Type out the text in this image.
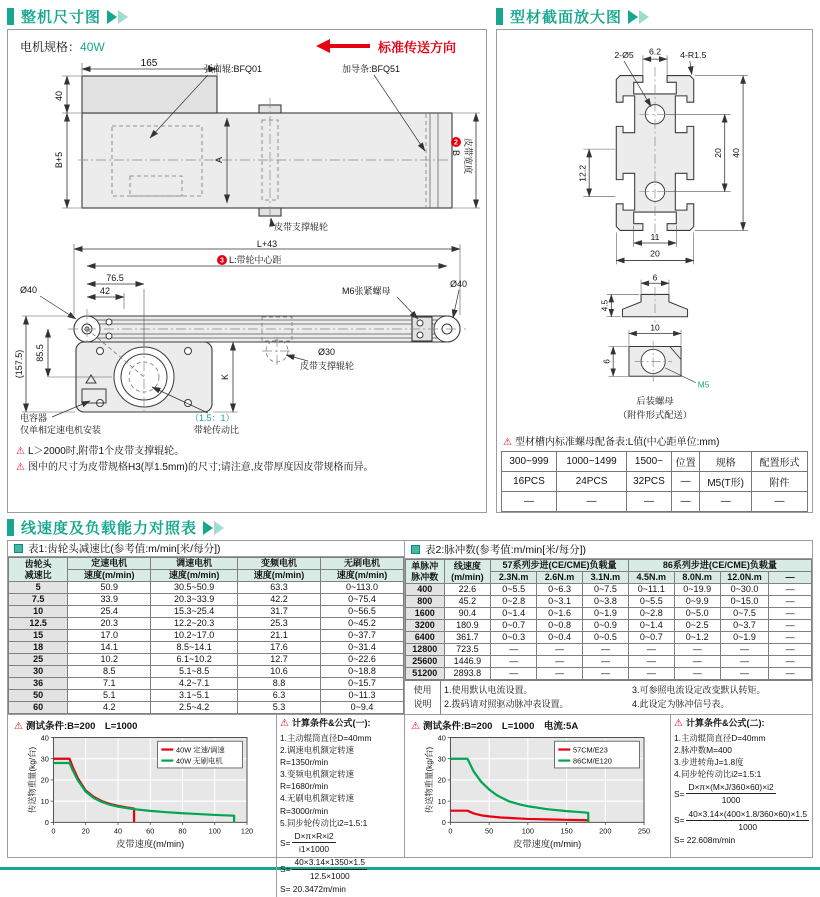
整机尺寸图
电机规格：40W	标准传送方向
165
40
B+5	A
弧面辊:BFQ01	加导条:BFQ51
皮带支撑辊轮
2
B 皮带宽度

L+43
3 L:带轮中心距
76.5
42
Ø40
Ø40
M6张紧螺母
Ø30
皮带支撑辊轮
(157.5) 85.5
K
电容器
仅单相定速电机安装
（1.5：1）
带轮传动比
⚠ L＞2000时,附带1个皮带支撑辊轮。
⚠ 图中的尺寸为皮带规格H3(厚1.5mm)的尺寸;请注意,皮带厚度因皮带规格而异。
型材截面放大图
2-Ø5 6.2 4-R1.5
40
20
12.2
11
20
6
4.5
10
6
M5
后装螺母
（附件形式配送）
⚠ 型材槽内标准螺母配备表:L值(中心距单位:mm)
300~999	1000~1499	1500~	位置	规格	配置形式
16PCS	24PCS	32PCS	—	M5(T形)	附件
—	—	—	—	—	—
线速度及负载能力对照表
表1:齿轮头减速比(参考值:m/min[米/每分])
齿轮头
减速比	定速电机	调速电机	变频电机	无刷电机
	速度(m/min)	速度(m/min)	速度(m/min)	速度(m/min)
5	50.9	30.5~50.9	63.3	0~113.0
7.5	33.9	20.3~33.9	42.2	0~75.4
10	25.4	15.3~25.4	31.7	0~56.5
12.5	20.3	12.2~20.3	25.3	0~45.2
15	17.0	10.2~17.0	21.1	0~37.7
18	14.1	8.5~14.1	17.6	0~31.4
25	10.2	6.1~10.2	12.7	0~22.6
30	8.5	5.1~8.5	10.6	0~18.8
36	7.1	4.2~7.1	8.8	0~15.7
50	5.1	3.1~5.1	6.3	0~11.3
60	4.2	2.5~4.2	5.3	0~9.4
⚠ 测试条件:B=200　L=1000
0	20	40	60	80	100 120
0
10
20
30
40
皮带速度(m/min)
传送物重量(kg/台)	40W 定速/调速
40W 无刷电机
⚠ 计算条件&公式(一):
1.主动辊筒直径D=40mm
2.调速电机额定转速R=1350r/min
3.变频电机额定转速R=1680r/min
4.无刷电机额定转速R=3000r/min
5.同步轮传动比i2=1.5:1
$S= \frac{D\times\pi\times R\times i2}{i1\times 1000}$
$S= \frac{40\times 3.14\times 1350\times 1.5}{12.5\times 1000}$
S= 20.3472m/min
表2:脉冲数(参考值:m/min[米/每分])
单脉冲
脉冲数	线速度
(m/min)	57系列步进(CE/CME)负载量			86系列步进(CE/CME)负载量			
		2.3N.m	2.6N.m	3.1N.m	4.5N.m	8.0N.m	12.0N.m	—
400	22.6	0~5.5	0~6.3	0~7.5	0~11.1	0~19.9	0~30.0	—
800	45.2	0~2.8	0~3.1	0~3.8	0~5.5	0~9.9	0~15.0	—
1600	90.4	0~1.4	0~1.6	0~1.9	0~2.8	0~5.0	0~7.5	—
3200	180.9	0~0.7	0~0.8	0~0.9	0~1.4	0~2.5	0~3.7	—
6400	361.7	0~0.3	0~0.4	0~0.5	0~0.7	0~1.2	0~1.9	—
12800	723.5	—	—	—	—	—	—	—
25600	1446.9	—	—	—	—	—	—	—
51200	2893.8	—	—	—	—	—	—	—
使用
说明
1.使用默认电流设置。
2.拨码请对照驱动脉冲表设置。
3.可参照电流设定改变默认转矩。
4.此设定为脉冲信号表。
⚠ 测试条件:B=200　L=1000　电流:5A
0	50	100	150	200	250
0
10
20
30
40
皮带速度(m/min)
传送物重量(kg/台)	57CM/E23
86CM/E120
⚠ 计算条件&公式(二):
1.主动辊筒直径D=40mm
2.脉冲数M=400
3.步进转角J=1.8度
4.同步轮传动比i2=1.5:1
$S= \frac{D\times\pi\times(M\times J/360\times 60)\times i2}{1000}$
$S= \frac{40\times 3.14\times(400\times 1.8/360\times 60)\times 1.5}{1000}$
S= 22.608m/min
